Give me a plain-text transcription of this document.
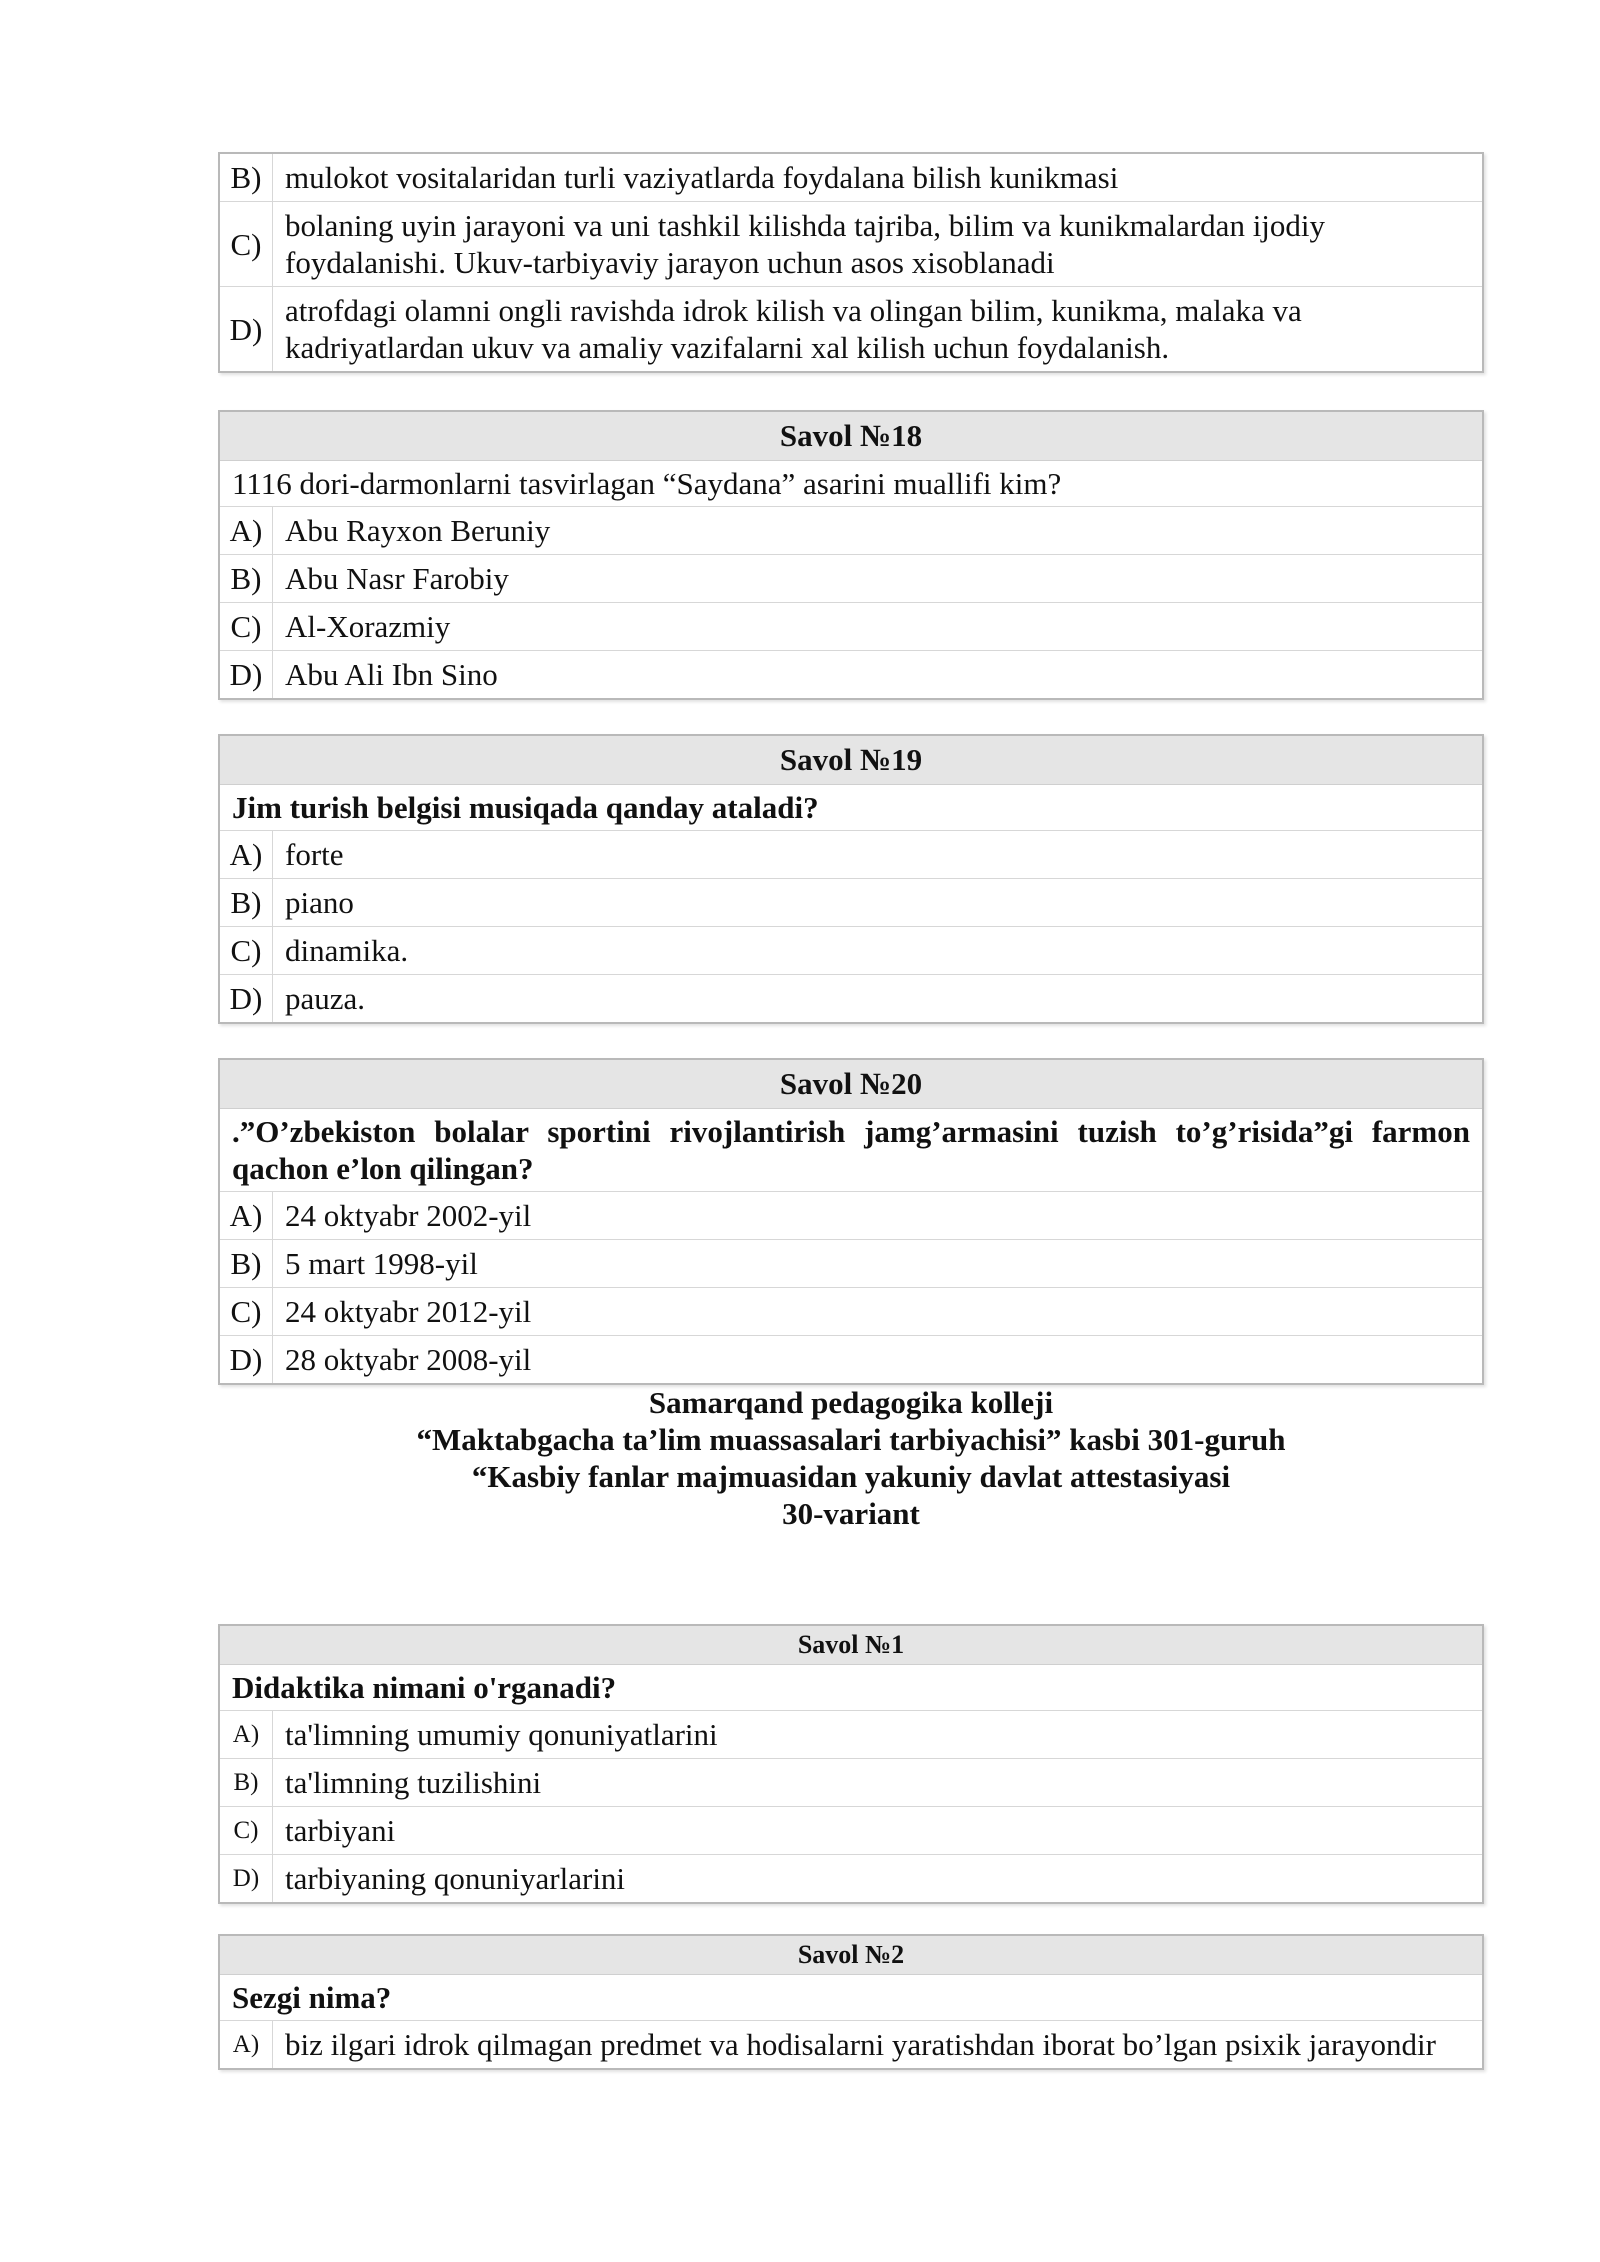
B)	mulokot vositalaridan turli vaziyatlarda foydalana bilish kunikmasi
C)	bolaning uyin jarayoni va uni tashkil kilishda tajriba, bilim va kunikmalardan ijodiy foydalanishi. Ukuv-tarbiyaviy jarayon uchun asos xisoblanadi
D)	atrofdagi olamni ongli ravishda idrok kilish va olingan bilim, kunikma, malaka va kadriyatlardan ukuv va amaliy vazifalarni xal kilish uchun foydalanish.
Savol №18	
1116 dori-darmonlarni tasvirlagan “Saydana” asarini muallifi kim?	
A)	Abu Rayxon Beruniy
B)	Abu Nasr Farobiy
C)	Al-Xorazmiy
D)	Abu Ali Ibn Sino
Savol №19	
Jim turish belgisi musiqada qanday ataladi?	
A)	forte
B)	piano
C)	dinamika.
D)	pauza.
Savol №20	
.”O’zbekiston bolalar sportini rivojlantirish jamg’armasini tuzish to’g’risida”gi farmon qachon e’lon qilingan?	
A)	24 oktyabr 2002-yil
B)	5 mart 1998-yil
C)	24 oktyabr 2012-yil
D)	28 oktyabr 2008-yil
Samarqand pedagogika kolleji
“Maktabgacha ta’lim muassasalari tarbiyachisi” kasbi 301-guruh
“Kasbiy fanlar majmuasidan yakuniy davlat attestasiyasi
30-variant
Savol №1	
Didaktika nimani o'rganadi?	
A)	ta'limning umumiy qonuniyatlarini
B)	ta'limning tuzilishini
C)	tarbiyani
D)	tarbiyaning qonuniyarlarini
Savol №2
Sezgi nima?
A)	biz ilgari idrok qilmagan predmet va hodisalarni yaratishdan iborat bo’lgan psixik jarayondir
